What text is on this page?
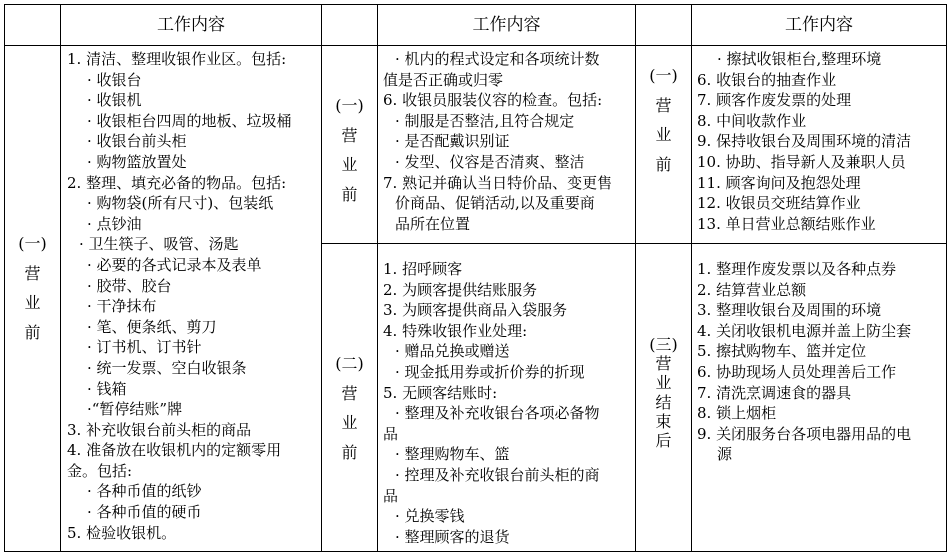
工作内容	工作内容	工作内容
(一)
营
业
前
(一)
营
业
前
(二)
营
业
前
(一)
营
业
前
(三)
营
业
结
束
后
1. 清洁、整理收银作业区。包括:
· 收银台
· 收银机
· 收银柜台四周的地板、垃圾桶
· 收银台前头柜
· 购物篮放置处
2. 整理、填充必备的物品。包括:
· 购物袋(所有尺寸)、包装纸
· 点钞油
· 卫生筷子、吸管、汤匙
· 必要的各式记录本及表单
· 胶带、胶台
· 干净抹布
· 笔、便条纸、剪刀
· 订书机、订书针
· 统一发票、空白收银条
· 钱箱
·“暂停结账”牌
3. 补充收银台前头柜的商品
4. 准备放在收银机内的定额零用
金。包括:
· 各种币值的纸钞
· 各种币值的硬币
5. 检验收银机。
· 机内的程式设定和各项统计数
值是否正确或归零
6. 收银员服装仪容的检查。包括:
· 制服是否整洁,且符合规定
· 是否配戴识别证
· 发型、仪容是否清爽、整洁
7. 熟记并确认当日特价品、变更售
价商品、促销活动,以及重要商
品所在位置
1. 招呼顾客
2. 为顾客提供结账服务
3. 为顾客提供商品入袋服务
4. 特殊收银作业处理:
· 赠品兑换或赠送
· 现金抵用券或折价券的折现
5. 无顾客结账时:
· 整理及补充收银台各项必备物
品
· 整理购物车、篮
· 控理及补充收银台前头柜的商
品
· 兑换零钱
· 整理顾客的退货
· 擦拭收银柜台,整理环境
6. 收银台的抽查作业
7. 顾客作废发票的处理
8. 中间收款作业
9. 保持收银台及周围环境的清洁
10. 协助、指导新人及兼职人员
11. 顾客询问及抱怨处理
12. 收银员交班结算作业
13. 单日营业总额结账作业
1. 整理作废发票以及各种点券
2. 结算营业总额
3. 整理收银台及周围的环境
4. 关闭收银机电源并盖上防尘套
5. 擦拭购物车、篮并定位
6. 协助现场人员处理善后工作
7. 清洗烹调速食的器具
8. 锁上烟柜
9. 关闭服务台各项电器用品的电
源
